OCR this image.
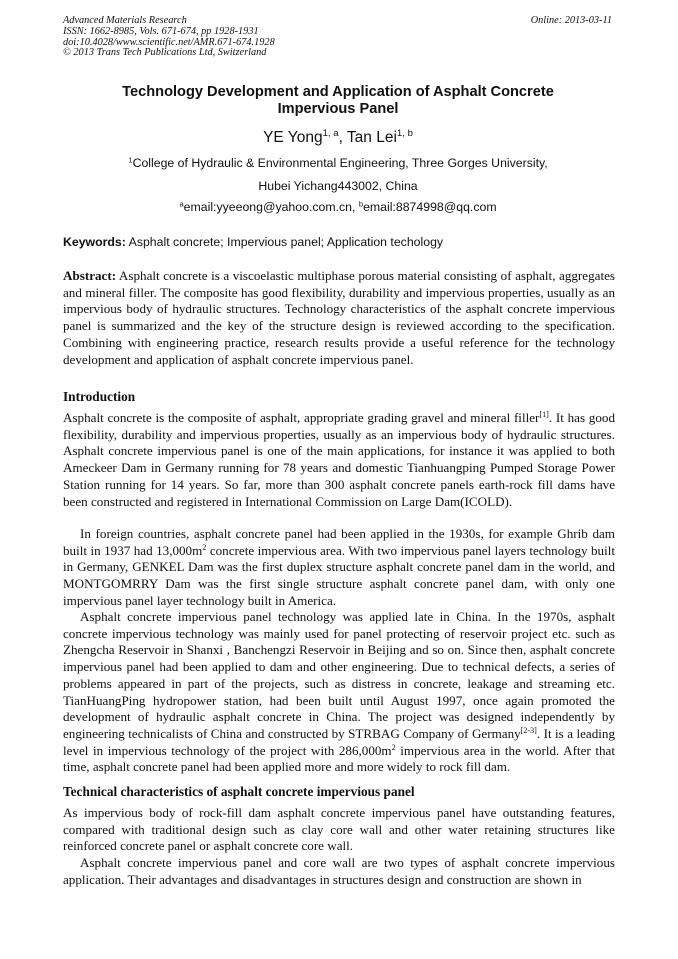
Advanced Materials Research
ISSN: 1662-8985, Vols. 671-674, pp 1928-1931
doi:10.4028/www.scientific.net/AMR.671-674.1928
© 2013 Trans Tech Publications Ltd, Switzerland
Online: 2013-03-11
Technology Development and Application of Asphalt Concrete
Impervious Panel
YE Yong$^{1, a}$, Tan Lei$^{1, b}$
$^1$College of Hydraulic & Environmental Engineering, Three Gorges University,
Hubei Yichang443002, China
$^a$email:yyeeong@yahoo.com.cn, $^b$email:8874998@qq.com
Keywords: Asphalt concrete; Impervious panel; Application techology

Abstract: Asphalt concrete is a viscoelastic multiphase porous material consisting of asphalt, aggregates and mineral filler. The composite has good flexibility, durability and impervious properties, usually as an impervious body of hydraulic structures. Technology characteristics of the asphalt concrete impervious panel is summarized and the key of the structure design is reviewed according to the specification. Combining with engineering practice, research results provide a useful reference for the technology development and application of asphalt concrete impervious panel.

Introduction

Asphalt concrete is the composite of asphalt, appropriate grading gravel and mineral filler[1]. It has good flexibility, durability and impervious properties, usually as an impervious body of hydraulic structures. Asphalt concrete impervious panel is one of the main applications, for instance it was applied to both Ameckeer Dam in Germany running for 78 years and domestic Tianhuangping Pumped Storage Power Station running for 14 years. So far, more than 300 asphalt concrete panels earth-rock fill dams have been constructed and registered in International Commission on Large Dam(ICOLD).

In foreign countries, asphalt concrete panel had been applied in the 1930s, for example Ghrib dam built in 1937 had $13,000m^2$ concrete impervious area. With two impervious panel layers technology built in Germany, GENKEL Dam was the first duplex structure asphalt concrete panel dam in the world, and MONTGOMRRY Dam was the first single structure asphalt concrete panel dam, with only one impervious panel layer technology built in America.

Asphalt concrete impervious panel technology was applied late in China. In the 1970s, asphalt concrete impervious technology was mainly used for panel protecting of reservoir project etc. such as Zhengcha Reservoir in Shanxi , Banchengzi Reservoir in Beijing and so on. Since then, asphalt concrete impervious panel had been applied to dam and other engineering. Due to technical defects, a series of problems appeared in part of the projects, such as distress in concrete, leakage and streaming etc. TianHuangPing hydropower station, had been built until August 1997, once again promoted the development of hydraulic asphalt concrete in China. The project was designed independently by engineering technicalists of China and constructed by STRBAG Company of Germany[2-3]. It is a leading level in impervious technology of the project with $286,000m^2$ impervious area in the world. After that time, asphalt concrete panel had been applied more and more widely to rock fill dam.

Technical characteristics of asphalt concrete impervious panel

As impervious body of rock-fill dam asphalt concrete impervious panel have outstanding features, compared with traditional design such as clay core wall and other water retaining structures like reinforced concrete panel or asphalt concrete core wall.

Asphalt concrete impervious panel and core wall are two types of asphalt concrete impervious application. Their advantages and disadvantages in structures design and construction are shown in
